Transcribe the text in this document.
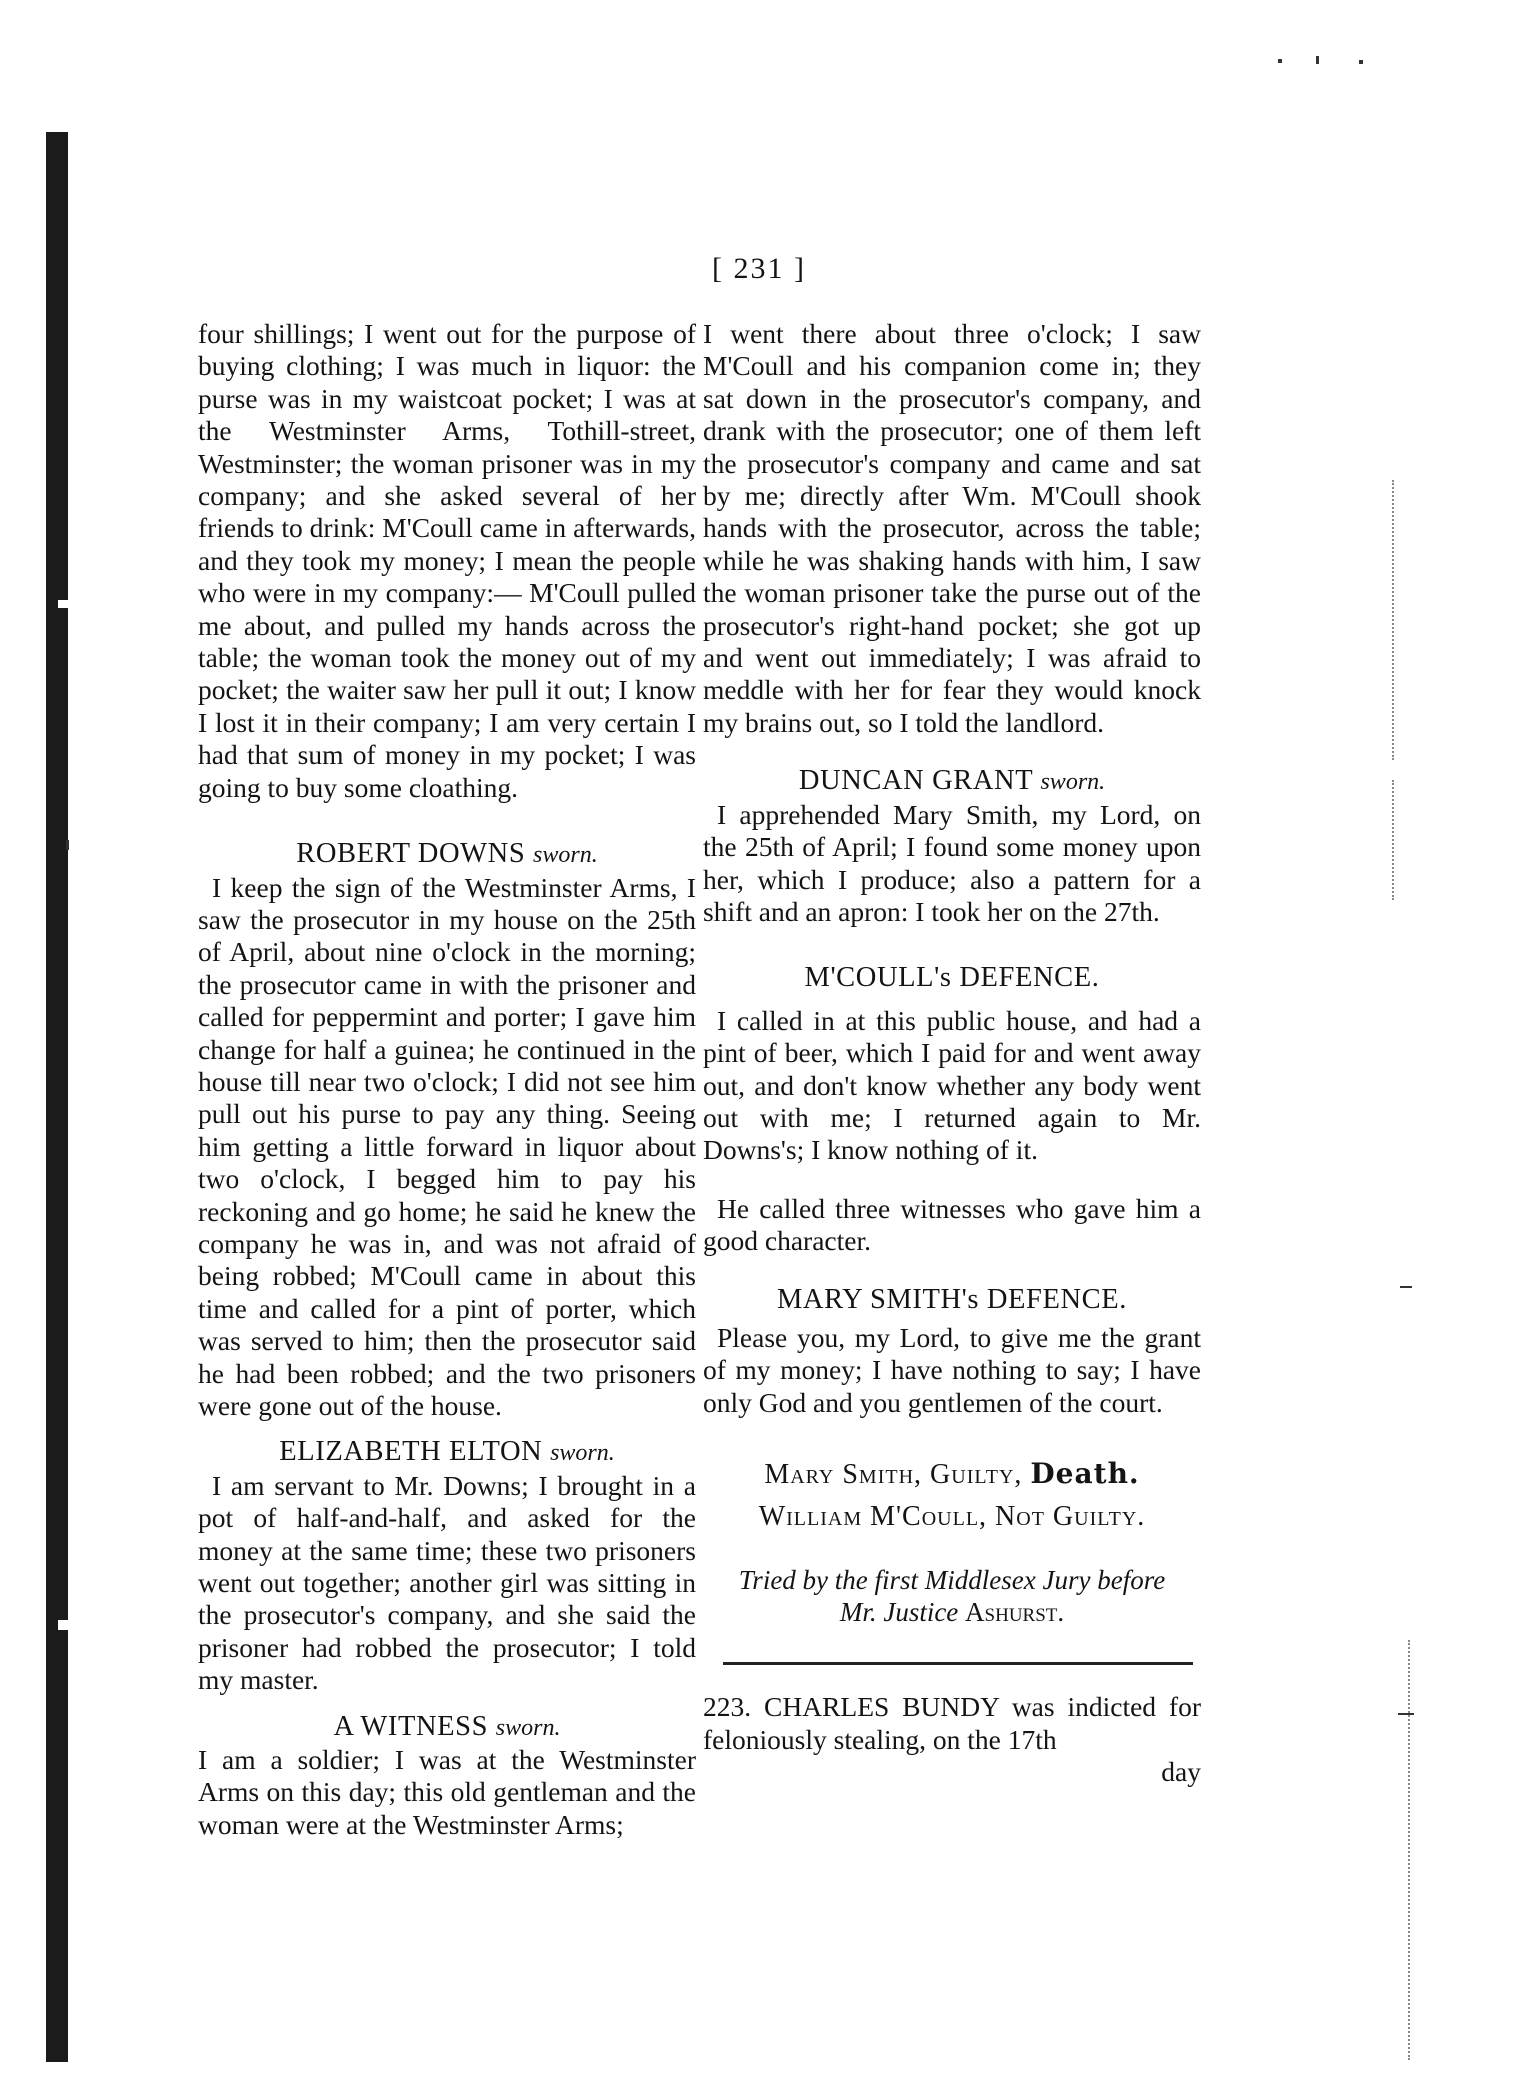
[ 231 ]

four shillings; I went out for the purpose of buying clothing; I was much in liquor: the purse was in my waistcoat pocket; I was at the Westminster Arms, Tothill-street, Westminster; the woman prisoner was in my company; and she asked several of her friends to drink: M'Coull came in afterwards, and they took my money; I mean the people who were in my company:— M'Coull pulled me about, and pulled my hands across the table; the woman took the money out of my pocket; the waiter saw her pull it out; I know I lost it in their company; I am very certain I had that sum of money in my pocket; I was going to buy some cloathing.

ROBERT DOWNS sworn.

I keep the sign of the Westminster Arms, I saw the prosecutor in my house on the 25th of April, about nine o'clock in the morning; the prosecutor came in with the prisoner and called for peppermint and porter; I gave him change for half a guinea; he continued in the house till near two o'clock; I did not see him pull out his purse to pay any thing. Seeing him getting a little forward in liquor about two o'clock, I begged him to pay his reckoning and go home; he said he knew the company he was in, and was not afraid of being robbed; M'Coull came in about this time and called for a pint of porter, which was served to him; then the prosecutor said he had been robbed; and the two prisoners were gone out of the house.

ELIZABETH ELTON sworn.

I am servant to Mr. Downs; I brought in a pot of half-and-half, and asked for the money at the same time; these two prisoners went out together; another girl was sitting in the prosecutor's company, and she said the prisoner had robbed the prosecutor; I told my master.

A WITNESS sworn.

I am a soldier; I was at the Westminster Arms on this day; this old gentleman and the woman were at the Westminster Arms;

I went there about three o'clock; I saw M'Coull and his companion come in; they sat down in the prosecutor's company, and drank with the prosecutor; one of them left the prosecutor's company and came and sat by me; directly after Wm. M'Coull shook hands with the prosecutor, across the table; while he was shaking hands with him, I saw the woman prisoner take the purse out of the prosecutor's right-hand pocket; she got up and went out immediately; I was afraid to meddle with her for fear they would knock my brains out, so I told the landlord.

DUNCAN GRANT sworn.

I apprehended Mary Smith, my Lord, on the 25th of April; I found some money upon her, which I produce; also a pattern for a shift and an apron: I took her on the 27th.

M'COULL's DEFENCE.

I called in at this public house, and had a pint of beer, which I paid for and went away out, and don't know whether any body went out with me; I returned again to Mr. Downs's; I know nothing of it.

He called three witnesses who gave him a good character.

MARY SMITH's DEFENCE.

Please you, my Lord, to give me the grant of my money; I have nothing to say; I have only God and you gentlemen of the court.

Mary Smith, Guilty, Death.

William M'Coull, Not Guilty.

Tried by the first Middlesex Jury before

Mr. Justice Ashurst.

223. CHARLES BUNDY was indicted for feloniously stealing, on the 17th

day
